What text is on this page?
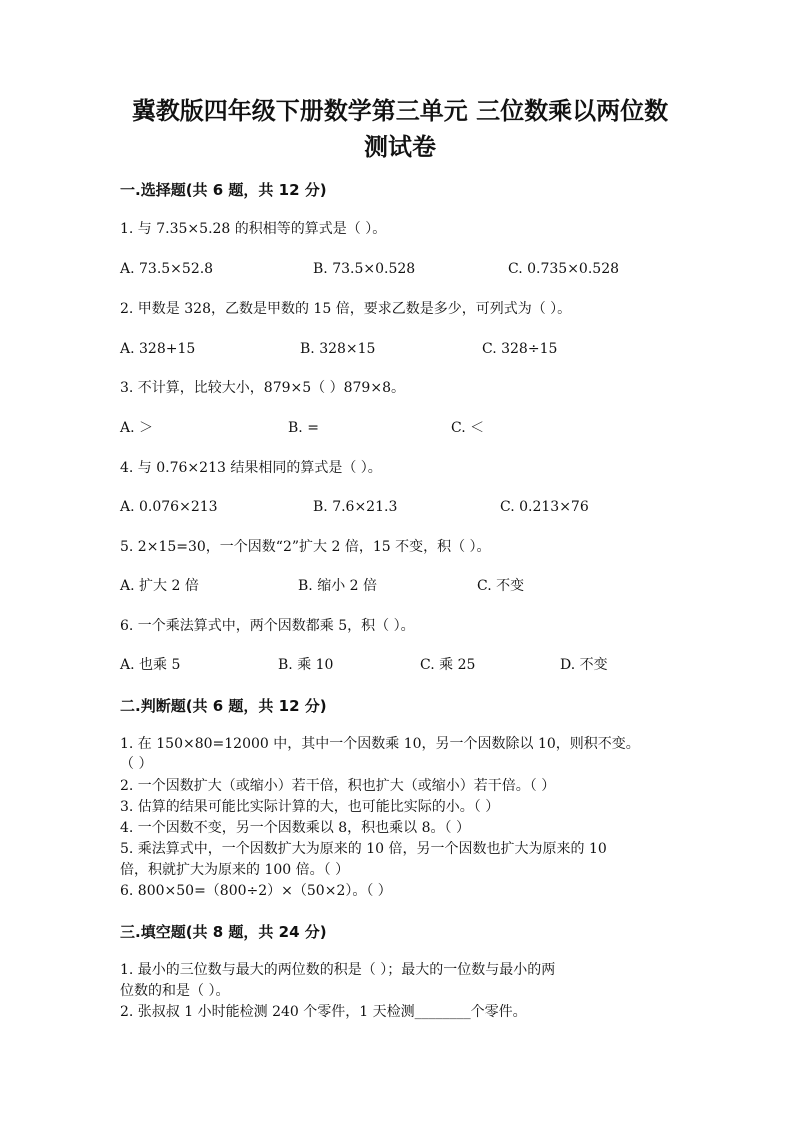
冀教版四年级下册数学第三单元 三位数乘以两位数
测试卷
一.选择题(共 6 题，共 12 分)
1. 与 7.35×5.28 的积相等的算式是（ ）。
A. 73.5×52.8	B. 73.5×0.528	C. 0.735×0.528
2. 甲数是 328，乙数是甲数的 15 倍，要求乙数是多少，可列式为（ ）。
A. 328+15	B. 328×15	C. 328÷15
3. 不计算，比较大小，879×5（ ）879×8。
A. ＞	B. =	C. ＜
4. 与 0.76×213 结果相同的算式是（ ）。
A. 0.076×213	B. 7.6×21.3	C. 0.213×76
5. 2×15=30，一个因数“2”扩大 2 倍，15 不变，积（ ）。
A. 扩大 2 倍	B. 缩小 2 倍	C. 不变
6. 一个乘法算式中，两个因数都乘 5，积（ ）。
A. 也乘 5	B. 乘 10	C. 乘 25	D. 不变
二.判断题(共 6 题，共 12 分)
1. 在 150×80=12000 中，其中一个因数乘 10，另一个因数除以 10，则积不变。
（ ）
2. 一个因数扩大（或缩小）若干倍，积也扩大（或缩小）若干倍。（ ）
3. 估算的结果可能比实际计算的大，也可能比实际的小。（ ）
4. 一个因数不变，另一个因数乘以 8，积也乘以 8。（ ）
5. 乘法算式中，一个因数扩大为原来的 10 倍，另一个因数也扩大为原来的 10
倍，积就扩大为原来的 100 倍。（ ）
6. 800×50=（800÷2）×（50×2）。（ ）
三.填空题(共 8 题，共 24 分)
1. 最小的三位数与最大的两位数的积是（ ）；最大的一位数与最小的两
位数的和是（ ）。
2. 张叔叔 1 小时能检测 240 个零件，1 天检测________个零件。
